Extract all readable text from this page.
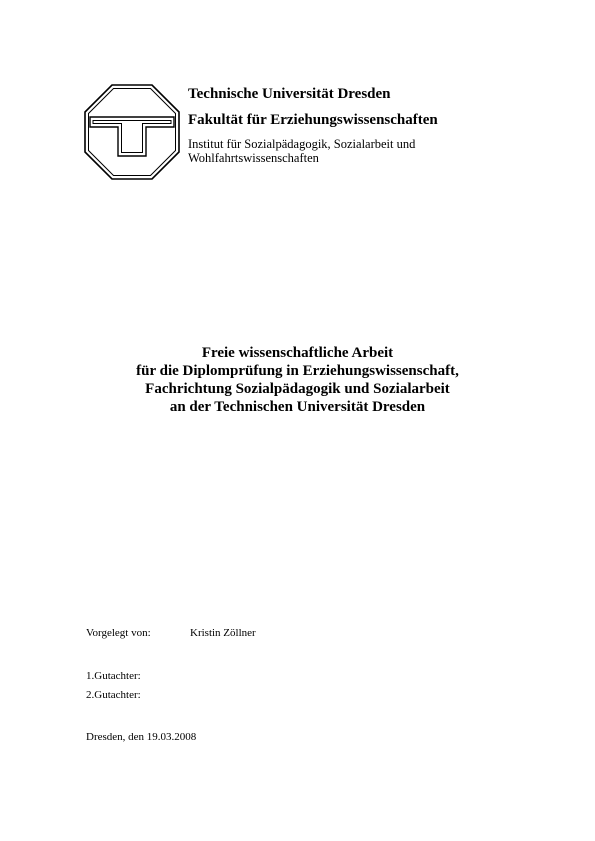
Technische Universität Dresden
Fakultät für Erziehungswissenschaften
Institut für Sozialpädagogik, Sozialarbeit und
Wohlfahrtswissenschaften
Freie wissenschaftliche Arbeit
für die Diplomprüfung in Erziehungswissenschaft,
Fachrichtung Sozialpädagogik und Sozialarbeit
an der Technischen Universität Dresden
Vorgelegt von:	Kristin Zöllner
1.Gutachter:
2.Gutachter:
Dresden, den 19.03.2008
